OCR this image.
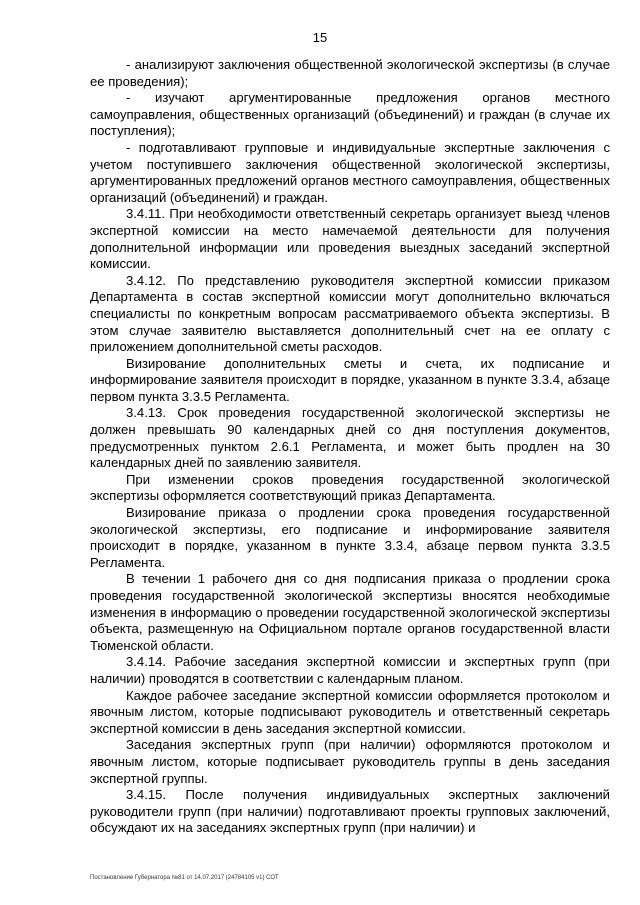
15

- анализируют заключения общественной экологической экспертизы (в случае ее проведения);

- изучают аргументированные предложения органов местного самоуправления, общественных организаций (объединений) и граждан (в случае их поступления);

- подготавливают групповые и индивидуальные экспертные заключения с учетом поступившего заключения общественной экологической экспертизы, аргументированных предложений органов местного самоуправления, общественных организаций (объединений) и граждан.

3.4.11. При необходимости ответственный секретарь организует выезд членов экспертной комиссии на место намечаемой деятельности для получения дополнительной информации или проведения выездных заседаний экспертной комиссии.

3.4.12. По представлению руководителя экспертной комиссии приказом Департамента в состав экспертной комиссии могут дополнительно включаться специалисты по конкретным вопросам рассматриваемого объекта экспертизы. В этом случае заявителю выставляется дополнительный счет на ее оплату с приложением дополнительной сметы расходов.

Визирование дополнительных сметы и счета, их подписание и информирование заявителя происходит в порядке, указанном в пункте 3.3.4, абзаце первом пункта 3.3.5 Регламента.

3.4.13. Срок проведения государственной экологической экспертизы не должен превышать 90 календарных дней со дня поступления документов, предусмотренных пунктом 2.6.1 Регламента, и может быть продлен на 30 календарных дней по заявлению заявителя.

При изменении сроков проведения государственной экологической экспертизы оформляется соответствующий приказ Департамента.

Визирование приказа о продлении срока проведения государственной экологической экспертизы, его подписание и информирование заявителя происходит в порядке, указанном в пункте 3.3.4, абзаце первом пункта 3.3.5 Регламента.

В течении 1 рабочего дня со дня подписания приказа о продлении срока проведения государственной экологической экспертизы вносятся необходимые изменения в информацию о проведении государственной экологической экспертизы объекта, размещенную на Официальном портале органов государственной власти Тюменской области.

3.4.14. Рабочие заседания экспертной комиссии и экспертных групп (при наличии) проводятся в соответствии с календарным планом.

Каждое рабочее заседание экспертной комиссии оформляется протоколом и явочным листом, которые подписывают руководитель и ответственный секретарь экспертной комиссии в день заседания экспертной комиссии.

Заседания экспертных групп (при наличии) оформляются протоколом и явочным листом, которые подписывает руководитель группы в день заседания экспертной группы.

3.4.15. После получения индивидуальных экспертных заключений руководители групп (при наличии) подготавливают проекты групповых заключений, обсуждают их на заседаниях экспертных групп (при наличии) и

Постановление Губернатора №81 от 14.07.2017 (24784105 v1) СОТ
